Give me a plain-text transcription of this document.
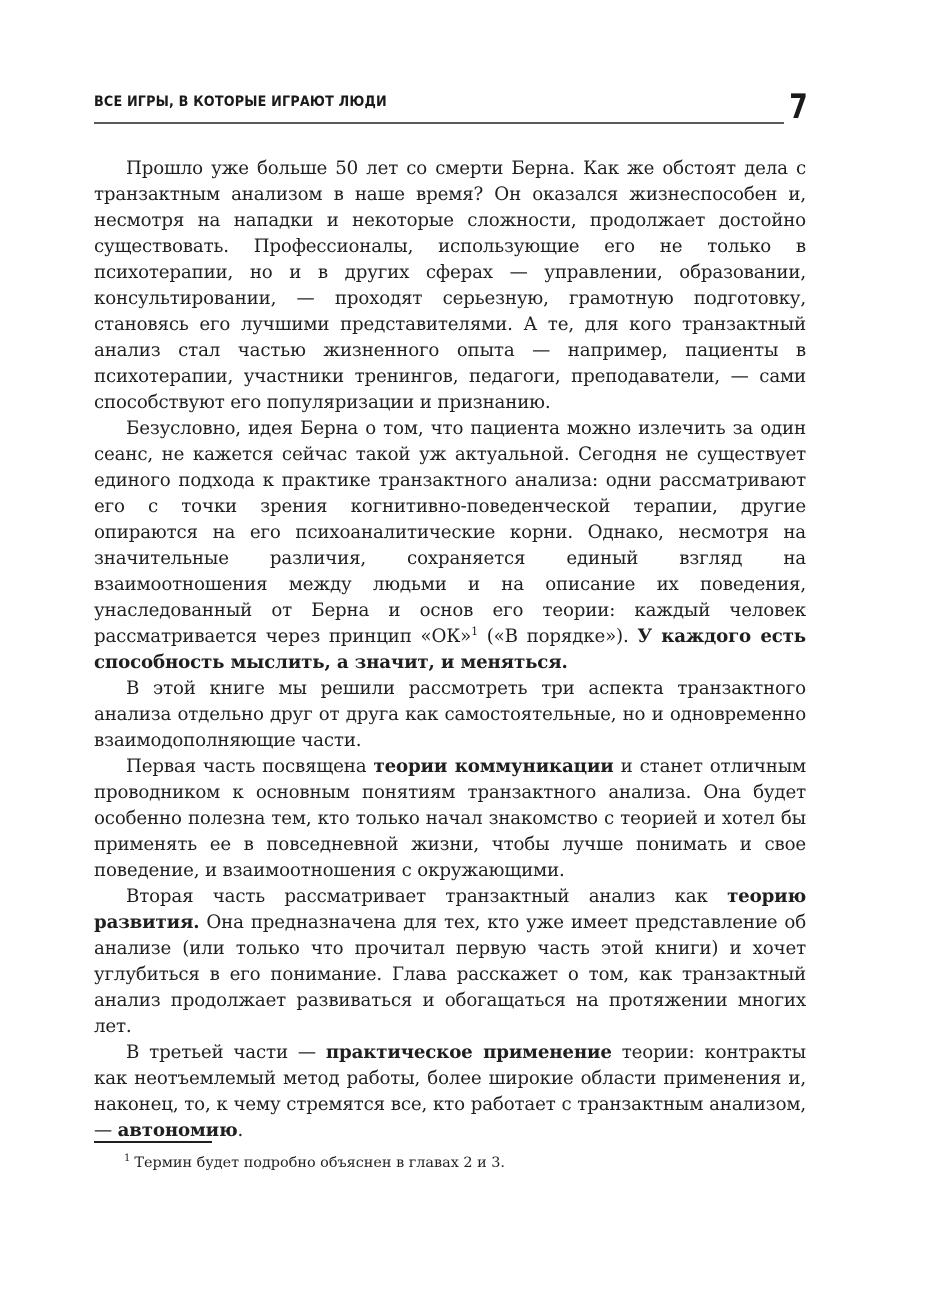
ВСЕ ИГРЫ, В КОТОРЫЕ ИГРАЮТ ЛЮДИ	7

Прошло уже больше 50 лет со смерти Берна. Как же обстоят дела с транзактным анализом в наше время? Он оказался жизнеспособен и, несмотря на нападки и некоторые сложности, продолжает достойно существовать. Профессионалы, использующие его не только в психотерапии, но и в других сферах — управлении, образовании, консультировании, — проходят серьезную, грамотную подготовку, становясь его лучшими представителями. А те, для кого транзактный анализ стал частью жизненного опыта — например, пациенты в психотерапии, участники тренингов, педагоги, преподаватели, — сами способствуют его популяризации и признанию.

Безусловно, идея Берна о том, что пациента можно излечить за один сеанс, не кажется сейчас такой уж актуальной. Сегодня не существует единого подхода к практике транзактного анализа: одни рассматривают его с точки зрения когнитивно-поведенческой терапии, другие опираются на его психоаналитические корни. Однако, несмотря на значительные различия, сохраняется единый взгляд на взаимоотношения между людьми и на описание их поведения, унаследованный от Берна и основ его теории: каждый человек рассматривается через принцип «ОК»$^1$ («В порядке»). У каждого есть способность мыслить, а значит, и меняться.

В этой книге мы решили рассмотреть три аспекта транзактного анализа отдельно друг от друга как самостоятельные, но и одновременно взаимодополняющие части.

Первая часть посвящена теории коммуникации и станет отличным проводником к основным понятиям транзактного анализа. Она будет особенно полезна тем, кто только начал знакомство с теорией и хотел бы применять ее в повседневной жизни, чтобы лучше понимать и свое поведение, и взаимоотношения с окружающими.

Вторая часть рассматривает транзактный анализ как теорию развития. Она предназначена для тех, кто уже имеет представление об анализе (или только что прочитал первую часть этой книги) и хочет углубиться в его понимание. Глава расскажет о том, как транзактный анализ продолжает развиваться и обогащаться на протяжении многих лет.

В третьей части — практическое применение теории: контракты как неотъемлемый метод работы, более широкие области применения и, наконец, то, к чему стремятся все, кто работает с транзактным анализом, — автономию.

$^1$ Термин будет подробно объяснен в главах 2 и 3.
